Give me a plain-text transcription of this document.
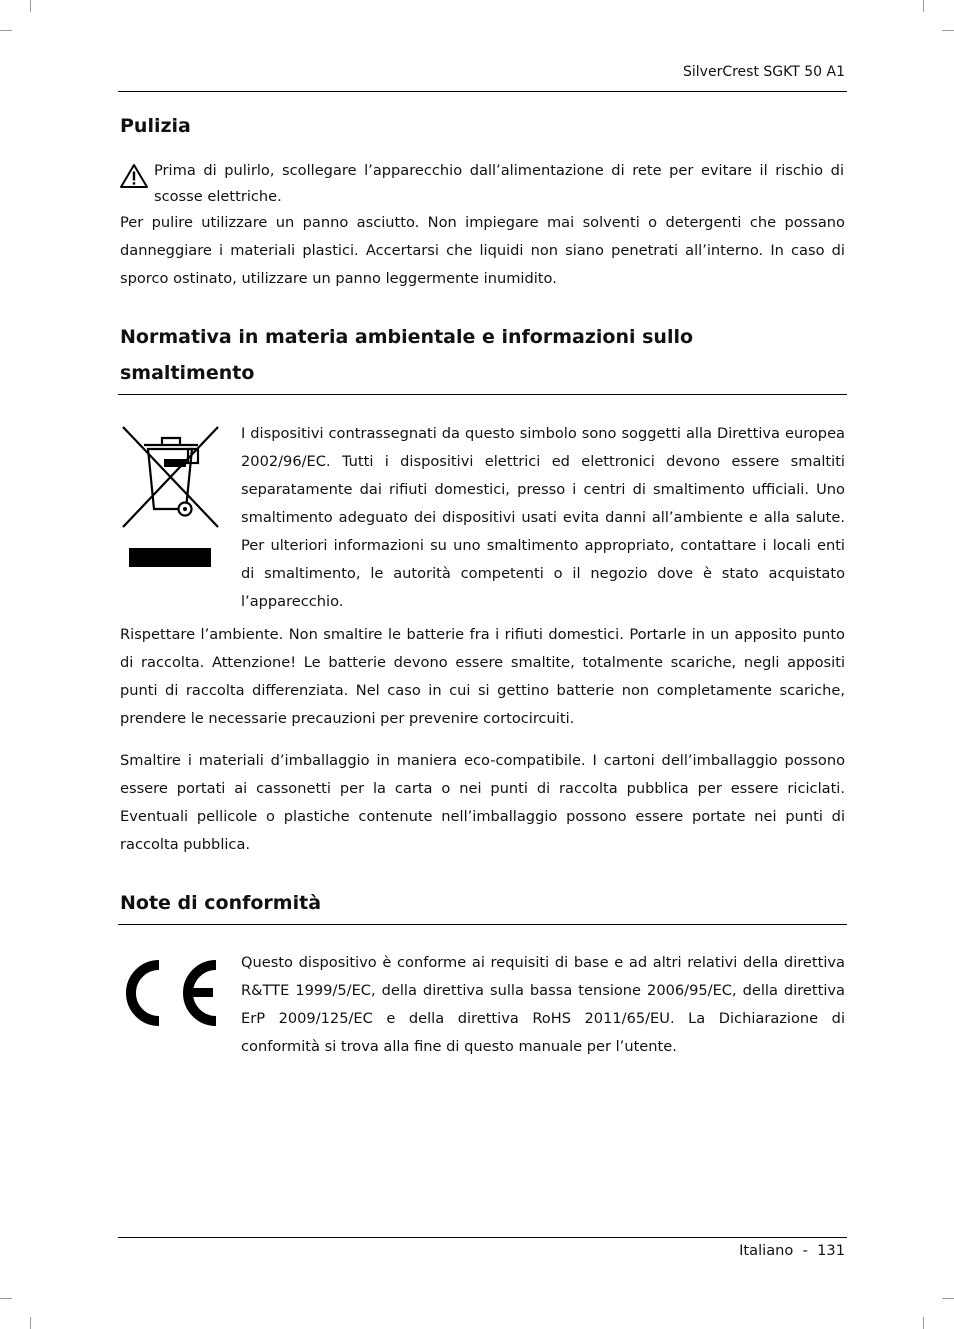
SilverCrest SGKT 50 A1
Pulizia

Prima di pulirlo, scollegare l’apparecchio dall’alimentazione di rete per evitare il rischio di scosse elettriche.

Per pulire utilizzare un panno asciutto. Non impiegare mai solventi o detergenti che possano danneggiare i materiali plastici. Accertarsi che liquidi non siano penetrati all’interno. In caso di sporco ostinato, utilizzare un panno leggermente inumidito.

Normativa in materia ambientale e informazioni sullo
smaltimento

I dispositivi contrassegnati da questo simbolo sono soggetti alla Direttiva europea 2002/96/EC. Tutti i dispositivi elettrici ed elettronici devono essere smaltiti separatamente dai rifiuti domestici, presso i centri di smaltimento ufficiali. Uno smaltimento adeguato dei dispositivi usati evita danni all’ambiente e alla salute. Per ulteriori informazioni su uno smaltimento appropriato, contattare i locali enti di smaltimento, le autorità competenti o il negozio dove è stato acquistato l’apparecchio.

Rispettare l’ambiente. Non smaltire le batterie fra i rifiuti domestici. Portarle in un apposito punto di raccolta. Attenzione! Le batterie devono essere smaltite, totalmente scariche, negli appositi punti di raccolta differenziata. Nel caso in cui si gettino batterie non completamente scariche, prendere le necessarie precauzioni per prevenire cortocircuiti.

Smaltire i materiali d’imballaggio in maniera eco-compatibile. I cartoni dell’imballaggio possono essere portati ai cassonetti per la carta o nei punti di raccolta pubblica per essere riciclati. Eventuali pellicole o plastiche contenute nell’imballaggio possono essere portate nei punti di raccolta pubblica.

Note di conformità

Questo dispositivo è conforme ai requisiti di base e ad altri relativi della direttiva R&TTE 1999/5/EC, della direttiva sulla bassa tensione 2006/95/EC, della direttiva ErP 2009/125/EC e della direttiva RoHS 2011/65/EU. La Dichiarazione di conformità si trova alla fine di questo manuale per l’utente.

Italiano  -  131
